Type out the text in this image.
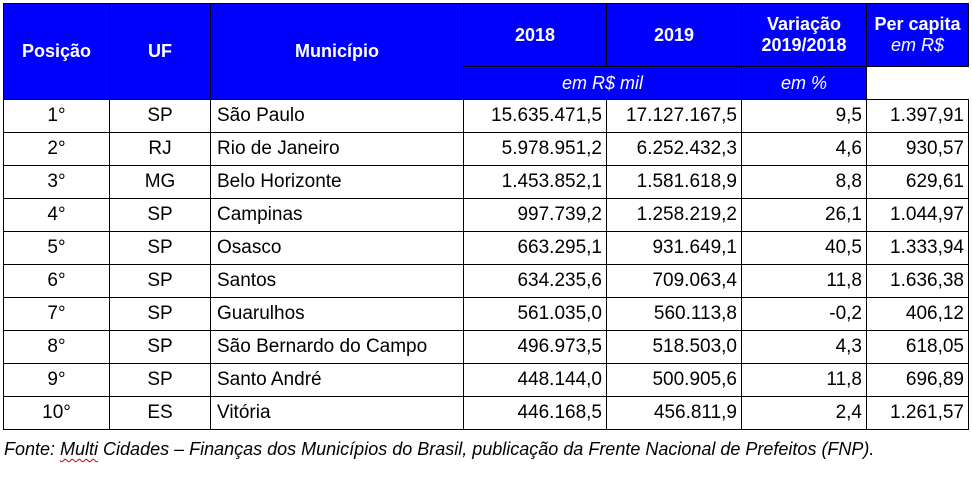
Posição	UF	Município	2018	2019	Variação 2019/2018	Per capita
em R$
			em R$ mil		em %
1°	SP	São Paulo	15.635.471,5	17.127.167,5	9,5	1.397,91
2°	RJ	Rio de Janeiro	5.978.951,2	6.252.432,3	4,6	930,57
3°	MG	Belo Horizonte	1.453.852,1	1.581.618,9	8,8	629,61
4°	SP	Campinas	997.739,2	1.258.219,2	26,1	1.044,97
5°	SP	Osasco	663.295,1	931.649,1	40,5	1.333,94
6°	SP	Santos	634.235,6	709.063,4	11,8	1.636,38
7°	SP	Guarulhos	561.035,0	560.113,8	-0,2	406,12
8°	SP	São Bernardo do Campo	496.973,5	518.503,0	4,3	618,05
9°	SP	Santo André	448.144,0	500.905,6	11,8	696,89
10°	ES	Vitória	446.168,5	456.811,9	2,4	1.261,57
Fonte: Multi Cidades – Finanças dos Municípios do Brasil, publicação da Frente Nacional de Prefeitos (FNP).
